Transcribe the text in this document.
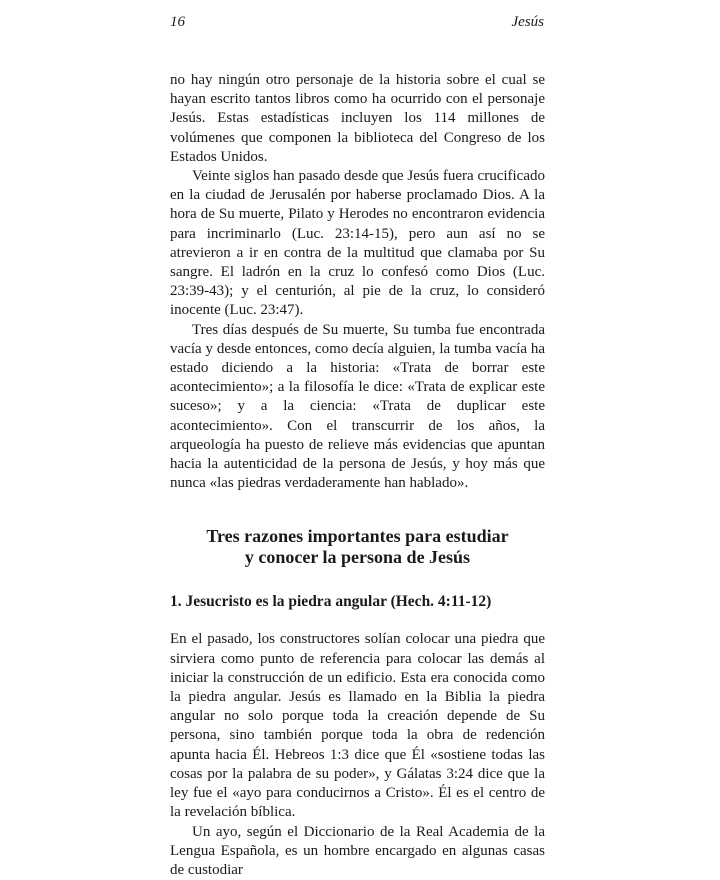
16	Jesús

no hay ningún otro personaje de la historia sobre el cual se hayan escrito tantos libros como ha ocurrido con el personaje Jesús. Estas estadísticas incluyen los 114 millones de volúmenes que componen la biblioteca del Congreso de los Estados Unidos.

Veinte siglos han pasado desde que Jesús fuera crucificado en la ciudad de Jerusalén por haberse proclamado Dios. A la hora de Su muerte, Pilato y Herodes no encontraron evidencia para incriminarlo (Luc. 23:14-15), pero aun así no se atrevieron a ir en contra de la multitud que clamaba por Su sangre. El ladrón en la cruz lo confesó como Dios (Luc. 23:39-43); y el centurión, al pie de la cruz, lo consideró inocente (Luc. 23:47).

Tres días después de Su muerte, Su tumba fue encontrada vacía y desde entonces, como decía alguien, la tumba vacía ha estado diciendo a la historia: «Trata de borrar este acontecimiento»; a la filosofía le dice: «Trata de explicar este suceso»; y a la ciencia: «Trata de duplicar este acontecimiento». Con el transcurrir de los años, la arqueología ha puesto de relieve más evidencias que apuntan hacia la autenticidad de la persona de Jesús, y hoy más que nunca «las piedras verdaderamente han hablado».

Tres razones importantes para estudiar
y conocer la persona de Jesús
1. Jesucristo es la piedra angular (Hech. 4:11-12)

En el pasado, los constructores solían colocar una piedra que sirviera como punto de referencia para colocar las demás al iniciar la construcción de un edificio. Esta era conocida como la piedra angular. Jesús es llamado en la Biblia la piedra angular no solo porque toda la creación depende de Su persona, sino también porque toda la obra de redención apunta hacia Él. Hebreos 1:3 dice que Él «sostiene todas las cosas por la palabra de su poder», y Gálatas 3:24 dice que la ley fue el «ayo para conducirnos a Cristo». Él es el centro de la revelación bíblica.

Un ayo, según el Diccionario de la Real Academia de la Lengua Española, es un hombre encargado en algunas casas de custodiar
